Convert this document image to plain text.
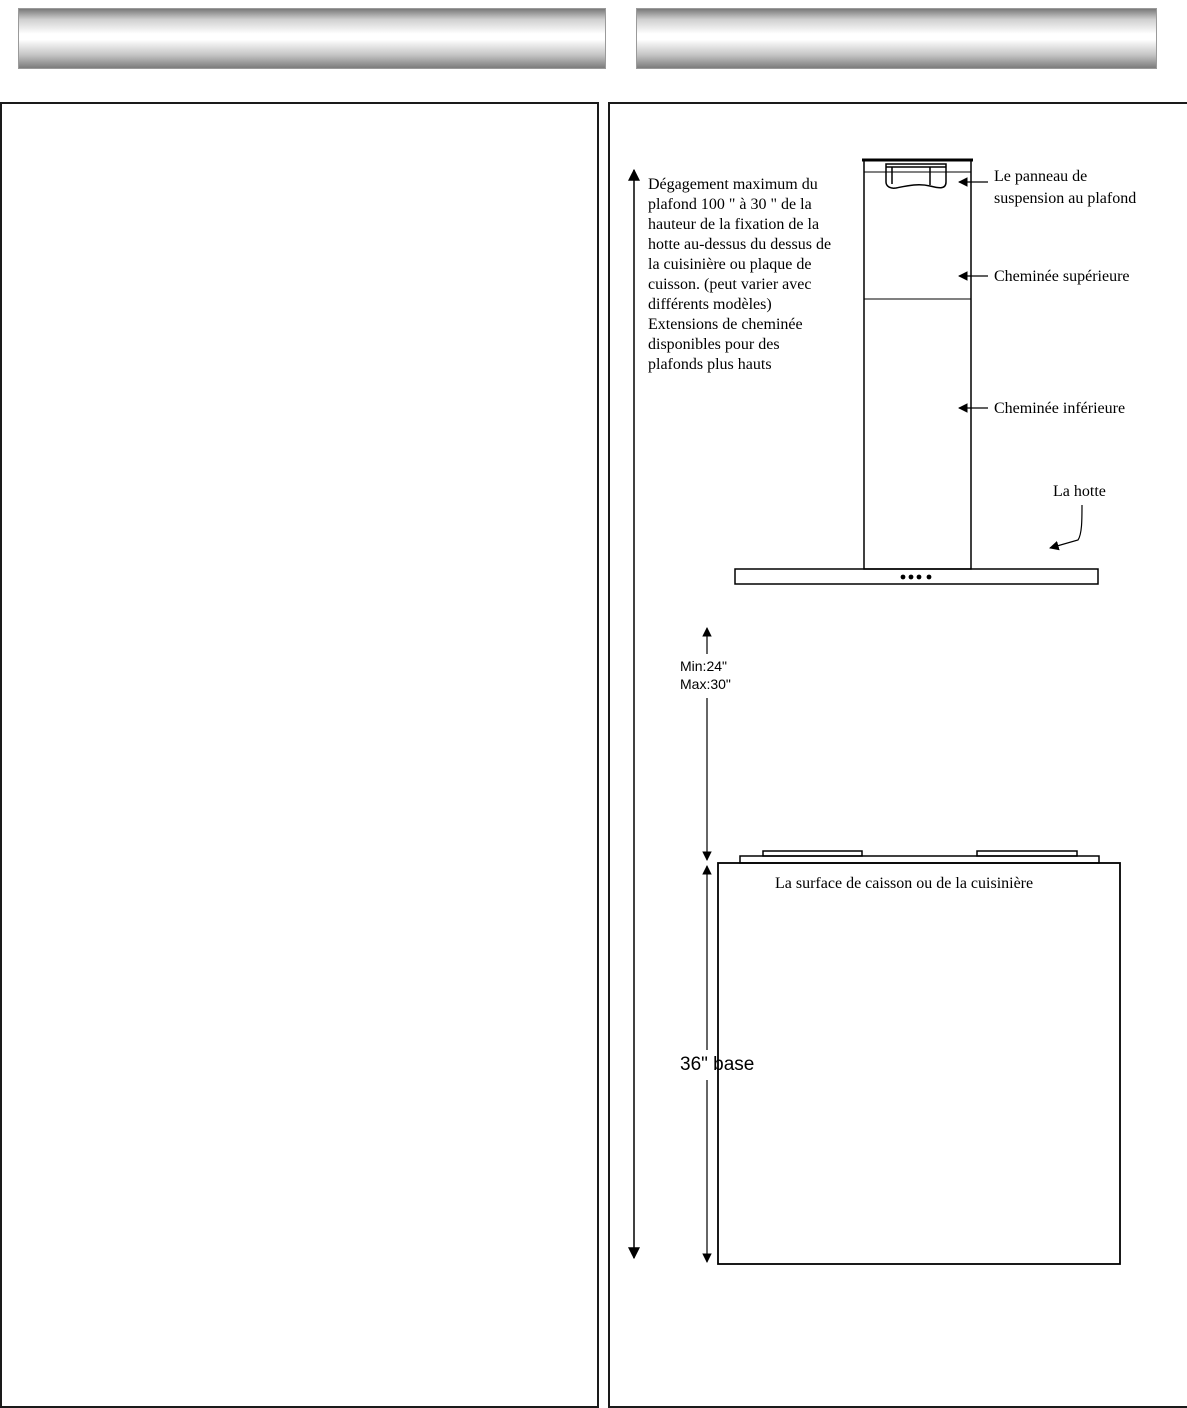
Dégagement maximum du plafond 100 " à 30 " de la hauteur de la fixation de la hotte au-dessus du dessus de la cuisinière ou plaque de cuisson. (peut varier avec différents modèles) Extensions de cheminée disponibles pour des plafonds plus hauts
Le panneau de suspension au plafond
Cheminée supérieure
Cheminée inférieure
La hotte
Min:24"
Max:30"
La surface de caisson ou de la cuisinière
36" base
